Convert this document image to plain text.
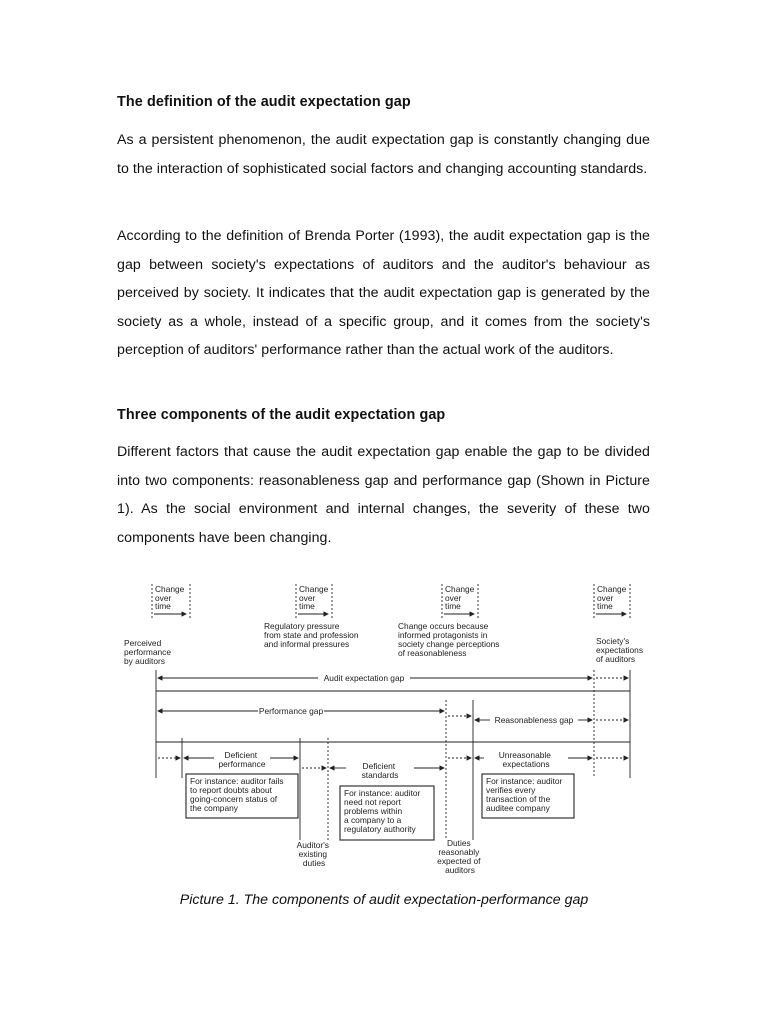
The definition of the audit expectation gap

As a persistent phenomenon, the audit expectation gap is constantly changing due to the interaction of sophisticated social factors and changing accounting standards.

According to the definition of Brenda Porter (1993), the audit expectation gap is the gap between society's expectations of auditors and the auditor's behaviour as perceived by society. It indicates that the audit expectation gap is generated by the society as a whole, instead of a specific group, and it comes from the society's perception of auditors' performance rather than the actual work of the auditors.

Three components of the audit expectation gap

Different factors that cause the audit expectation gap enable the gap to be divided into two components: reasonableness gap and performance gap (Shown in Picture 1). As the social environment and internal changes, the severity of these two components have been changing.

Change over time
Change over time
Change over time
Change over time
Regulatory pressure from state and profession and informal pressures
Change occurs because informed protagonists in society change perceptions of reasonableness
Perceived performance by auditors
Society's expectations of auditors
Audit expectation gap
Performance gap
Reasonableness gap
Deficient performance	Deficient standards
Unreasonable expectations
For instance: auditor fails to report doubts about going-concern status of the company
For instance: auditor need not report problems within a company to a regulatory authority
For instance: auditor verifies every transaction of the auditee company
Auditor's existing duties
Duties reasonably expected of auditors
Picture 1. The components of audit expectation-performance gap
